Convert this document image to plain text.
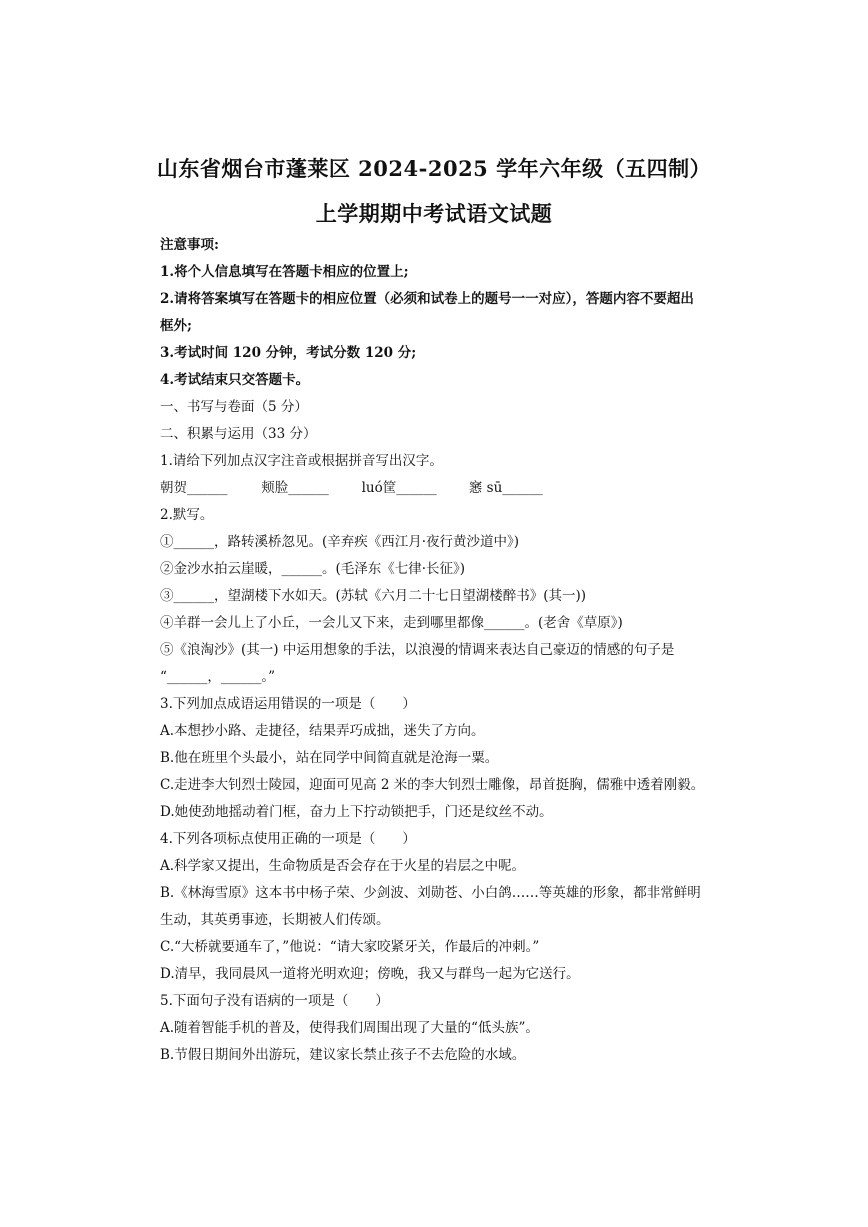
山东省烟台市蓬莱区 2024-2025 学年六年级（五四制）
上学期期中考试语文试题
注意事项:
1.将个人信息填写在答题卡相应的位置上;
2.请将答案填写在答题卡的相应位置（必须和试卷上的题号一一对应），答题内容不要超出
框外;
3.考试时间 120 分钟，考试分数 120 分;
4.考试结束只交答题卡。
一、书写与卷面（5 分）
二、积累与运用（33 分）
1.请给下列加点汉字注音或根据拼音写出汉字。
朝贺______	颊脸______ luó筐______ 窸 sū______
2.默写。
①______，路转溪桥忽见。(辛弃疾《西江月·夜行黄沙道中》)
②金沙水拍云崖暖，______。(毛泽东《七律·长征》)
③______，望湖楼下水如天。(苏轼《六月二十七日望湖楼醉书》(其一))
④羊群一会儿上了小丘，一会儿又下来，走到哪里都像______。(老舍《草原》)
⑤《浪淘沙》(其一) 中运用想象的手法，以浪漫的情调来表达自己豪迈的情感的句子是
“______，______。”
3.下列加点成语运用错误的一项是（　　）
A.本想抄小路、走捷径，结果弄巧成拙，迷失了方向。
B.他在班里个头最小，站在同学中间简直就是沧海一粟。
C.走进李大钊烈士陵园，迎面可见高 2 米的李大钊烈士雕像，昂首挺胸，儒雅中透着刚毅。
D.她使劲地摇动着门框，奋力上下拧动锁把手，门还是纹丝不动。
4.下列各项标点使用正确的一项是（　　）
A.科学家又提出，生命物质是否会存在于火星的岩层之中呢。
B.《林海雪原》这本书中杨子荣、少剑波、刘勋苍、小白鸽……等英雄的形象，都非常鲜明
生动，其英勇事迹，长期被人们传颂。
C.“大桥就要通车了，”他说：“请大家咬紧牙关，作最后的冲刺。”
D.清早，我同晨风一道将光明欢迎；傍晚，我又与群鸟一起为它送行。
5.下面句子没有语病的一项是（　　）
A.随着智能手机的普及，使得我们周围出现了大量的“低头族”。
B.节假日期间外出游玩，建议家长禁止孩子不去危险的水域。
